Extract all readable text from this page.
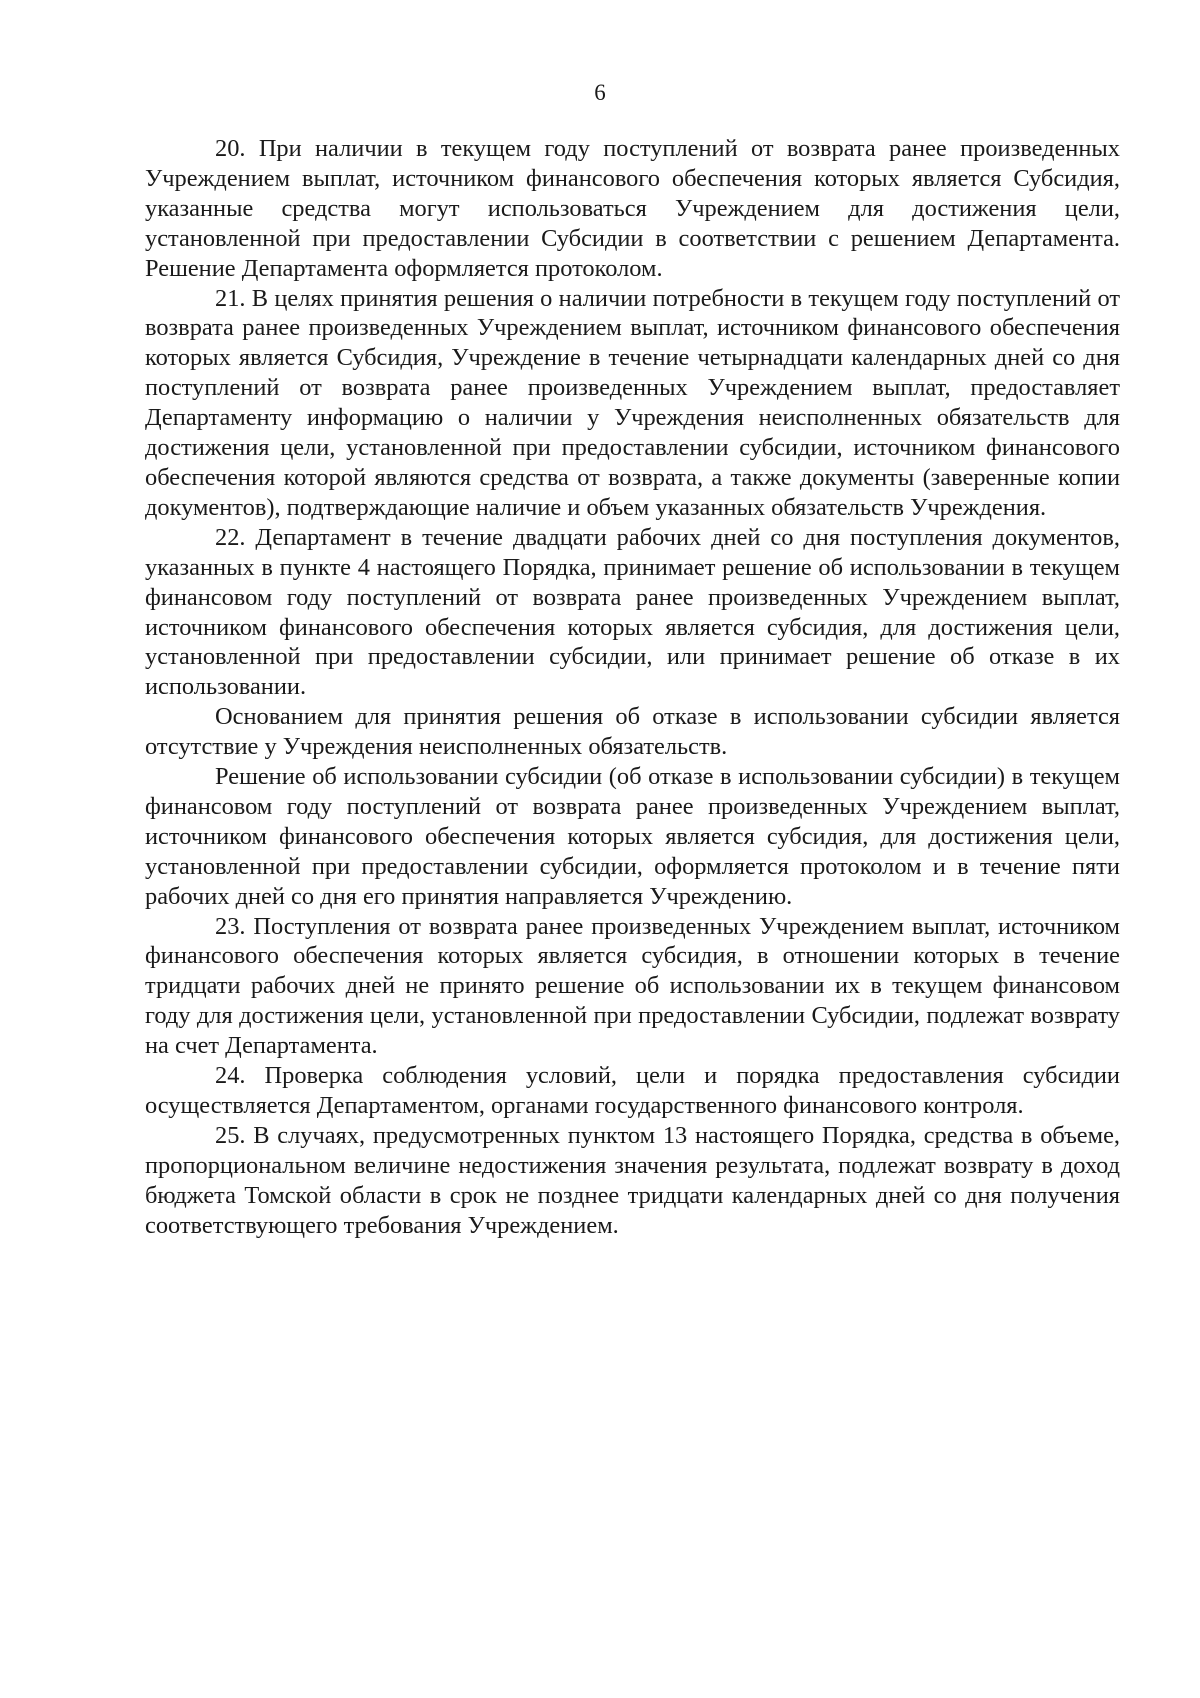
6

20. При наличии в текущем году поступлений от возврата ранее произведенных Учреждением выплат, источником финансового обеспечения которых является Субсидия, указанные средства могут использоваться Учреждением для достижения цели, установленной при предоставлении Субсидии в соответствии с решением Департамента. Решение Департамента оформляется протоколом.

21. В целях принятия решения о наличии потребности в текущем году поступлений от возврата ранее произведенных Учреждением выплат, источником финансового обеспечения которых является Субсидия, Учреждение в течение четырнадцати календарных дней со дня поступлений от возврата ранее произведенных Учреждением выплат, предоставляет Департаменту информацию о наличии у Учреждения неисполненных обязательств для достижения цели, установленной при предоставлении субсидии, источником финансового обеспечения которой являются средства от возврата, а также документы (заверенные копии документов), подтверждающие наличие и объем указанных обязательств Учреждения.

22. Департамент в течение двадцати рабочих дней со дня поступления документов, указанных в пункте 4 настоящего Порядка, принимает решение об использовании в текущем финансовом году поступлений от возврата ранее произведенных Учреждением выплат, источником финансового обеспечения которых является субсидия, для достижения цели, установленной при предоставлении субсидии, или принимает решение об отказе в их использовании.

Основанием для принятия решения об отказе в использовании субсидии является отсутствие у Учреждения неисполненных обязательств.

Решение об использовании субсидии (об отказе в использовании субсидии) в текущем финансовом году поступлений от возврата ранее произведенных Учреждением выплат, источником финансового обеспечения которых является субсидия, для достижения цели, установленной при предоставлении субсидии, оформляется протоколом и в течение пяти рабочих дней со дня его принятия направляется Учреждению.

23. Поступления от возврата ранее произведенных Учреждением выплат, источником финансового обеспечения которых является субсидия, в отношении которых в течение тридцати рабочих дней не принято решение об использовании их в текущем финансовом году для достижения цели, установленной при предоставлении Субсидии, подлежат возврату на счет Департамента.

24. Проверка соблюдения условий, цели и порядка предоставления субсидии осуществляется Департаментом, органами государственного финансового контроля.

25. В случаях, предусмотренных пунктом 13 настоящего Порядка, средства в объеме, пропорциональном величине недостижения значения результата, подлежат возврату в доход бюджета Томской области в срок не позднее тридцати календарных дней со дня получения соответствующего требования Учреждением.
